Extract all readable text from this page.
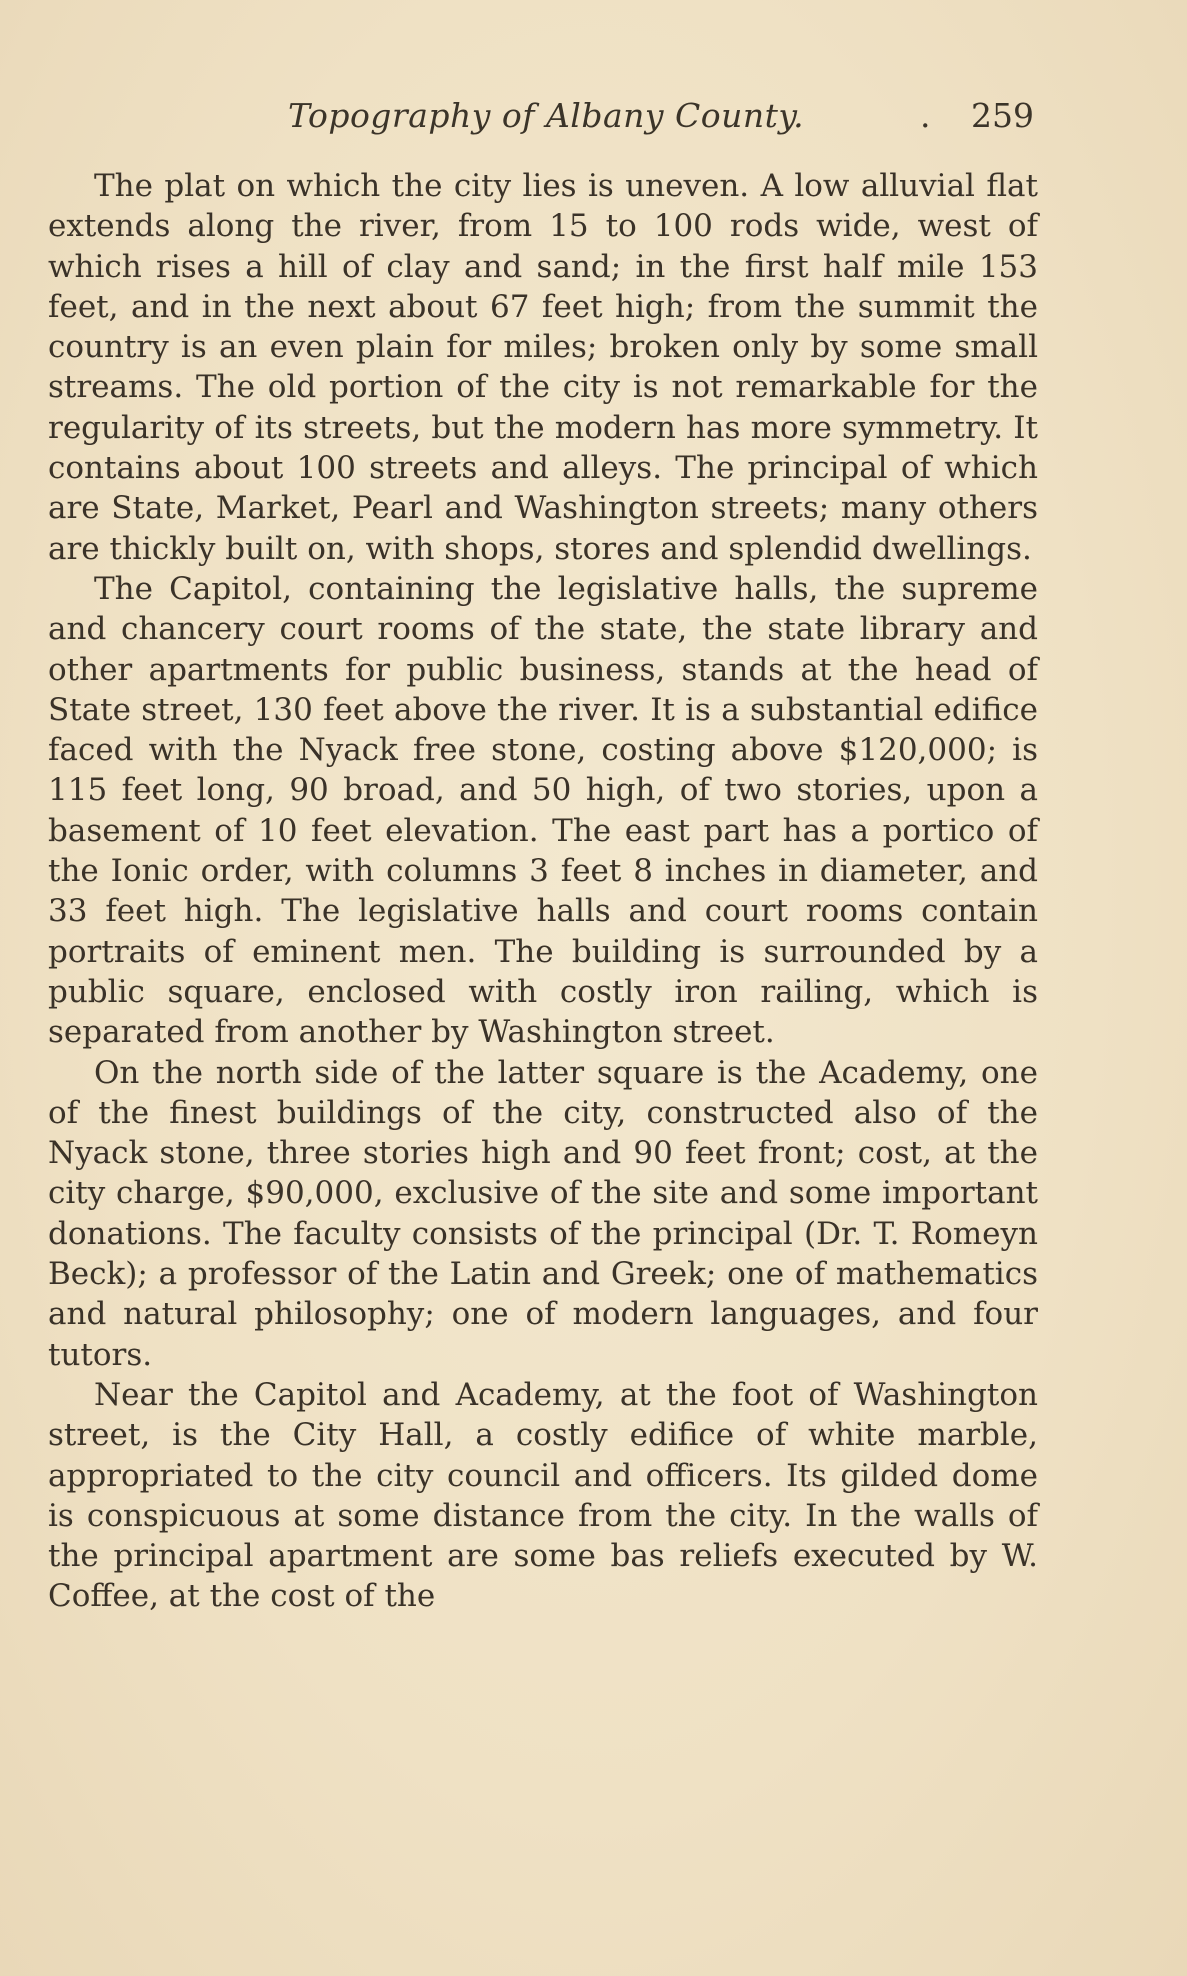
Topography of Albany County.	. 259

The plat on which the city lies is uneven. A low alluvial flat extends along the river, from 15 to 100 rods wide, west of which rises a hill of clay and sand; in the first half mile 153 feet, and in the next about 67 feet high; from the summit the country is an even plain for miles; broken only by some small streams. The old portion of the city is not remarkable for the regularity of its streets, but the modern has more symmetry. It contains about 100 streets and alleys. The principal of which are State, Market, Pearl and Washington streets; many others are thickly built on, with shops, stores and splendid dwellings.

The Capitol, containing the legislative halls, the supreme and chancery court rooms of the state, the state library and other apartments for public business, stands at the head of State street, 130 feet above the river. It is a substantial edifice faced with the Nyack free stone, costing above $120,000; is 115 feet long, 90 broad, and 50 high, of two stories, upon a basement of 10 feet elevation. The east part has a portico of the Ionic order, with columns 3 feet 8 inches in diameter, and 33 feet high. The legislative halls and court rooms contain portraits of eminent men. The building is surrounded by a public square, enclosed with costly iron railing, which is separated from another by Washington street.

On the north side of the latter square is the Academy, one of the finest buildings of the city, constructed also of the Nyack stone, three stories high and 90 feet front; cost, at the city charge, $90,000, exclusive of the site and some important donations. The faculty consists of the principal (Dr. T. Romeyn Beck); a professor of the Latin and Greek; one of mathematics and natural philosophy; one of modern languages, and four tutors.

Near the Capitol and Academy, at the foot of Washington street, is the City Hall, a costly edifice of white marble, appropriated to the city council and officers. Its gilded dome is conspicuous at some distance from the city. In the walls of the principal apartment are some bas reliefs executed by W. Coffee, at the cost of the
